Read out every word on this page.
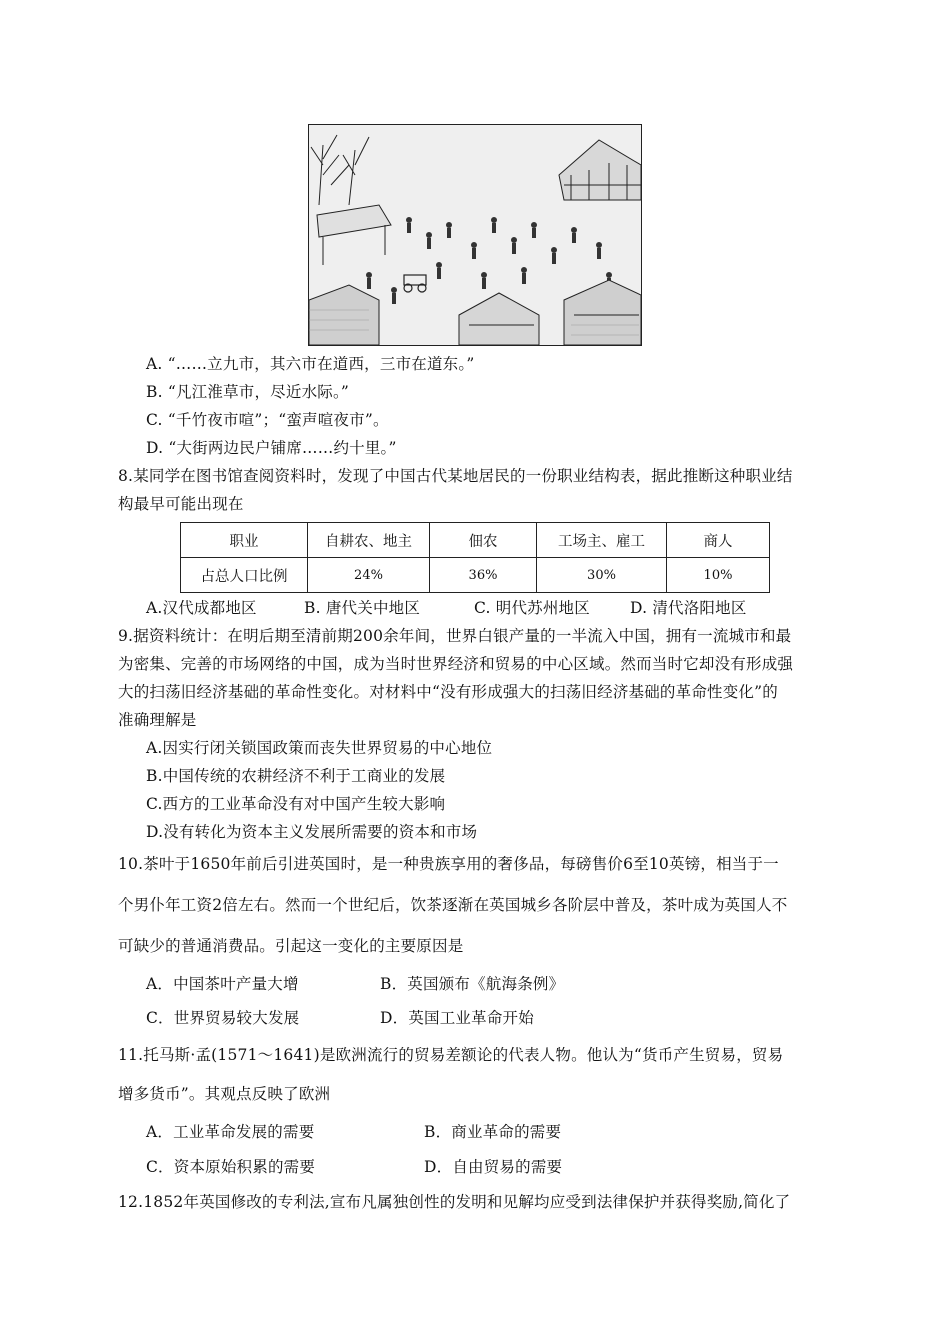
A. “……立九市，其六市在道西，三市在道东。”
B. “凡江淮草市，尽近水际。”
C. “千竹夜市喧”；“蛮声喧夜市”。
D. “大街两边民户铺席……约十里。”
8.某同学在图书馆查阅资料时，发现了中国古代某地居民的一份职业结构表，据此推断这种职业结
构最早可能出现在
职业	自耕农、地主	佃农	工场主、雇工	商人
占总人口比例	24%	36%	30%	10%
A.汉代成都地区	B. 唐代关中地区	C. 明代苏州地区	D. 清代洛阳地区
9.据资料统计：在明后期至清前期200余年间，世界白银产量的一半流入中国，拥有一流城市和最
为密集、完善的市场网络的中国，成为当时世界经济和贸易的中心区域。然而当时它却没有形成强
大的扫荡旧经济基础的革命性变化。对材料中“没有形成强大的扫荡旧经济基础的革命性变化”的
准确理解是
A.因实行闭关锁国政策而丧失世界贸易的中心地位
B.中国传统的农耕经济不利于工商业的发展
C.西方的工业革命没有对中国产生较大影响
D.没有转化为资本主义发展所需要的资本和市场
10.茶叶于1650年前后引进英国时，是一种贵族享用的奢侈品，每磅售价6至10英镑，相当于一
个男仆年工资2倍左右。然而一个世纪后，饮茶逐渐在英国城乡各阶层中普及，茶叶成为英国人不
可缺少的普通消费品。引起这一变化的主要原因是
A．中国茶叶产量大增	B．英国颁布《航海条例》
C．世界贸易较大发展	D．英国工业革命开始
11.托马斯·孟(1571～1641)是欧洲流行的贸易差额论的代表人物。他认为“货币产生贸易，贸易
增多货币”。其观点反映了欧洲
A．工业革命发展的需要	B．商业革命的需要
C．资本原始积累的需要	D．自由贸易的需要
12.1852年英国修改的专利法,宣布凡属独创性的发明和见解均应受到法律保护并获得奖励,简化了
